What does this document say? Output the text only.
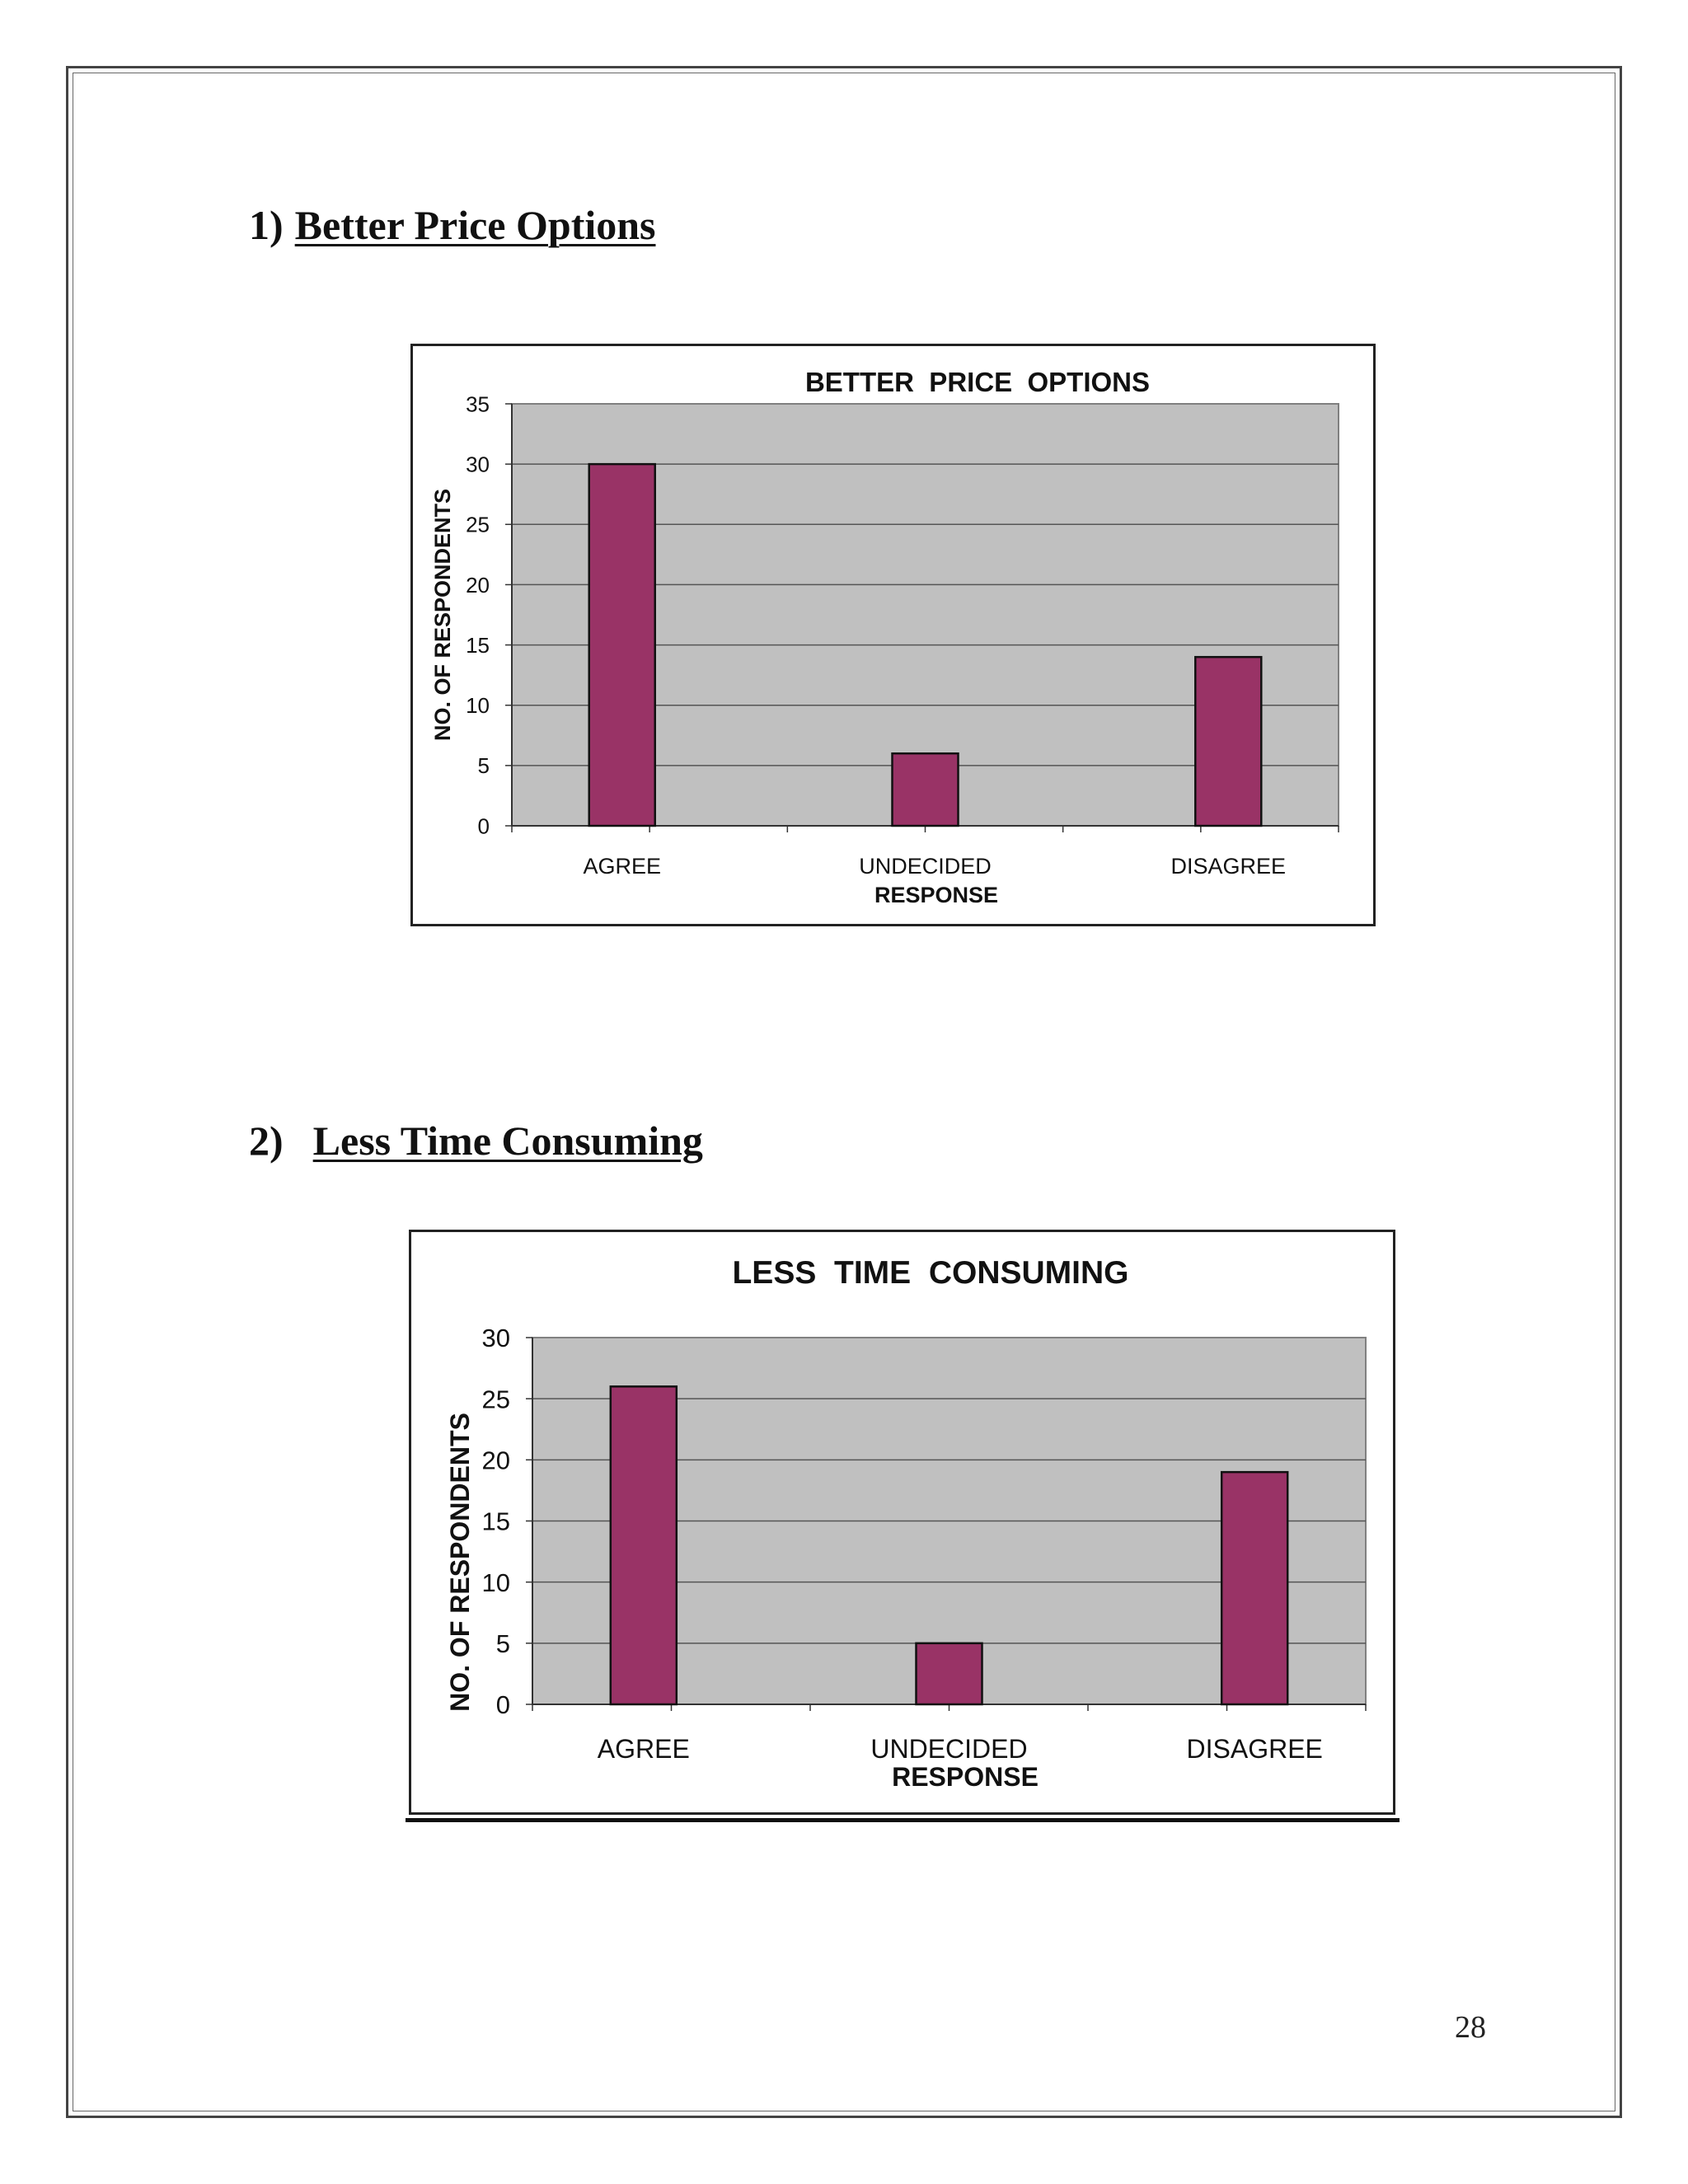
1) Better Price Options
0
5
10
15
20
25
30
35
AGREE	UNDECIDED	DISAGREE
BETTER  PRICE  OPTIONS
RESPONSE
NO. OF RESPONDENTS
2) Less Time Consuming
0
5
10
15
20
25
30
AGREE	UNDECIDED	DISAGREE
LESS  TIME  CONSUMING
RESPONSE
NO. OF RESPONDENTS
28
